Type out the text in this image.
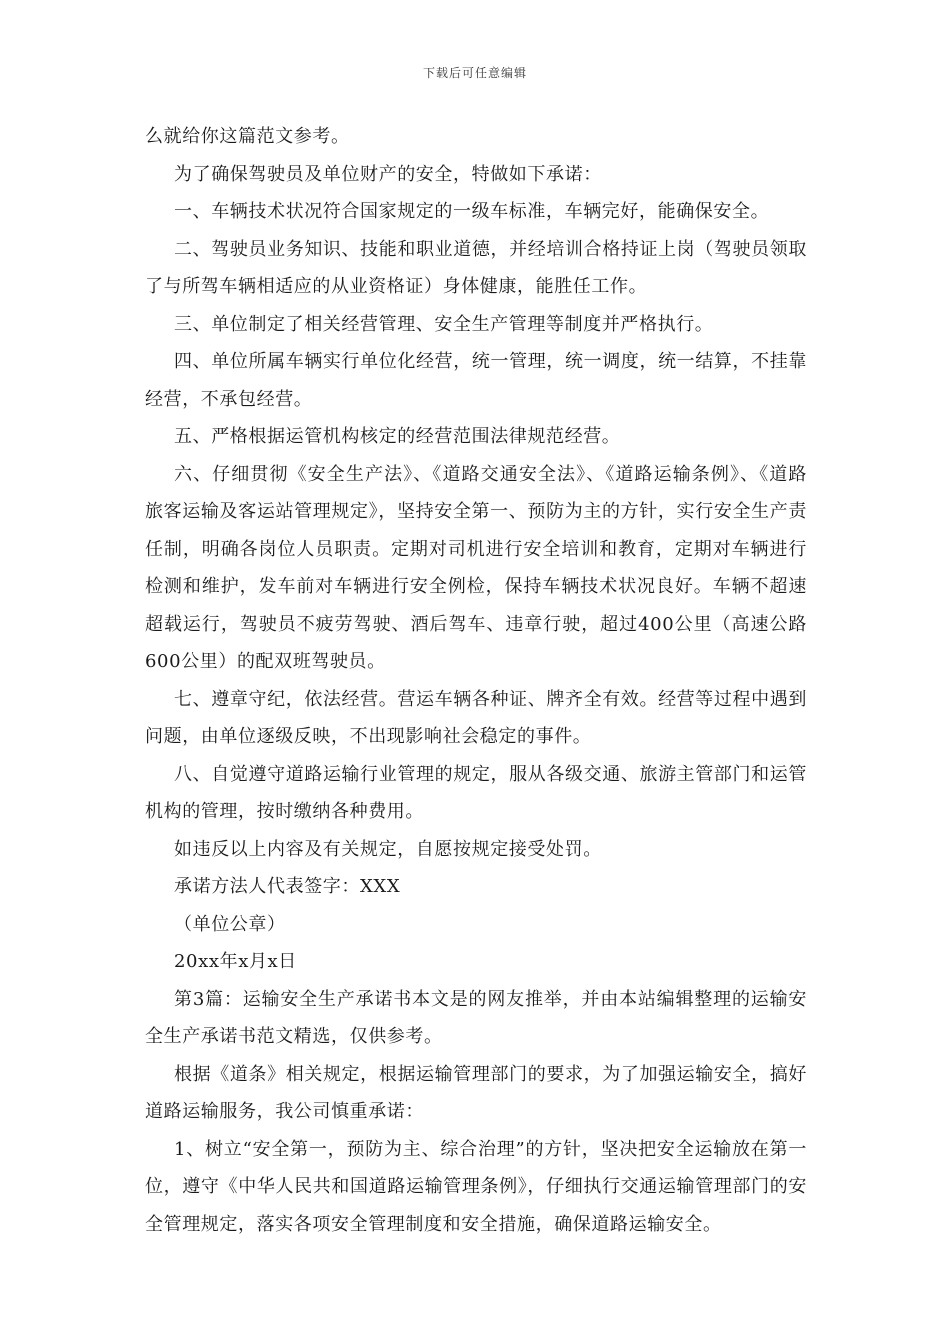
下载后可任意编辑

么就给你这篇范文参考。

为了确保驾驶员及单位财产的安全，特做如下承诺：

一、车辆技术状况符合国家规定的一级车标准，车辆完好，能确保安全。

二、驾驶员业务知识、技能和职业道德，并经培训合格持证上岗（驾驶员领取了与所驾车辆相适应的从业资格证）身体健康，能胜任工作。

三、单位制定了相关经营管理、安全生产管理等制度并严格执行。

四、单位所属车辆实行单位化经营，统一管理，统一调度，统一结算，不挂靠经营，不承包经营。

五、严格根据运管机构核定的经营范围法律规范经营。

六、仔细贯彻《安全生产法》、《道路交通安全法》、《道路运输条例》、《道路旅客运输及客运站管理规定》，坚持安全第一、预防为主的方针，实行安全生产责任制，明确各岗位人员职责。定期对司机进行安全培训和教育，定期对车辆进行检测和维护，发车前对车辆进行安全例检，保持车辆技术状况良好。车辆不超速超载运行，驾驶员不疲劳驾驶、酒后驾车、违章行驶，超过400公里（高速公路600公里）的配双班驾驶员。

七、遵章守纪，依法经营。营运车辆各种证、牌齐全有效。经营等过程中遇到问题，由单位逐级反映，不出现影响社会稳定的事件。

八、自觉遵守道路运输行业管理的规定，服从各级交通、旅游主管部门和运管机构的管理，按时缴纳各种费用。

如违反以上内容及有关规定，自愿按规定接受处罚。

承诺方法人代表签字：XXX

（单位公章）

20xx年x月x日

第3篇：运输安全生产承诺书本文是的网友推举，并由本站编辑整理的运输安全生产承诺书范文精选，仅供参考。

根据《道条》相关规定，根据运输管理部门的要求，为了加强运输安全，搞好道路运输服务，我公司慎重承诺：

1、树立“安全第一，预防为主、综合治理”的方针，坚决把安全运输放在第一位，遵守《中华人民共和国道路运输管理条例》，仔细执行交通运输管理部门的安全管理规定，落实各项安全管理制度和安全措施，确保道路运输安全。
